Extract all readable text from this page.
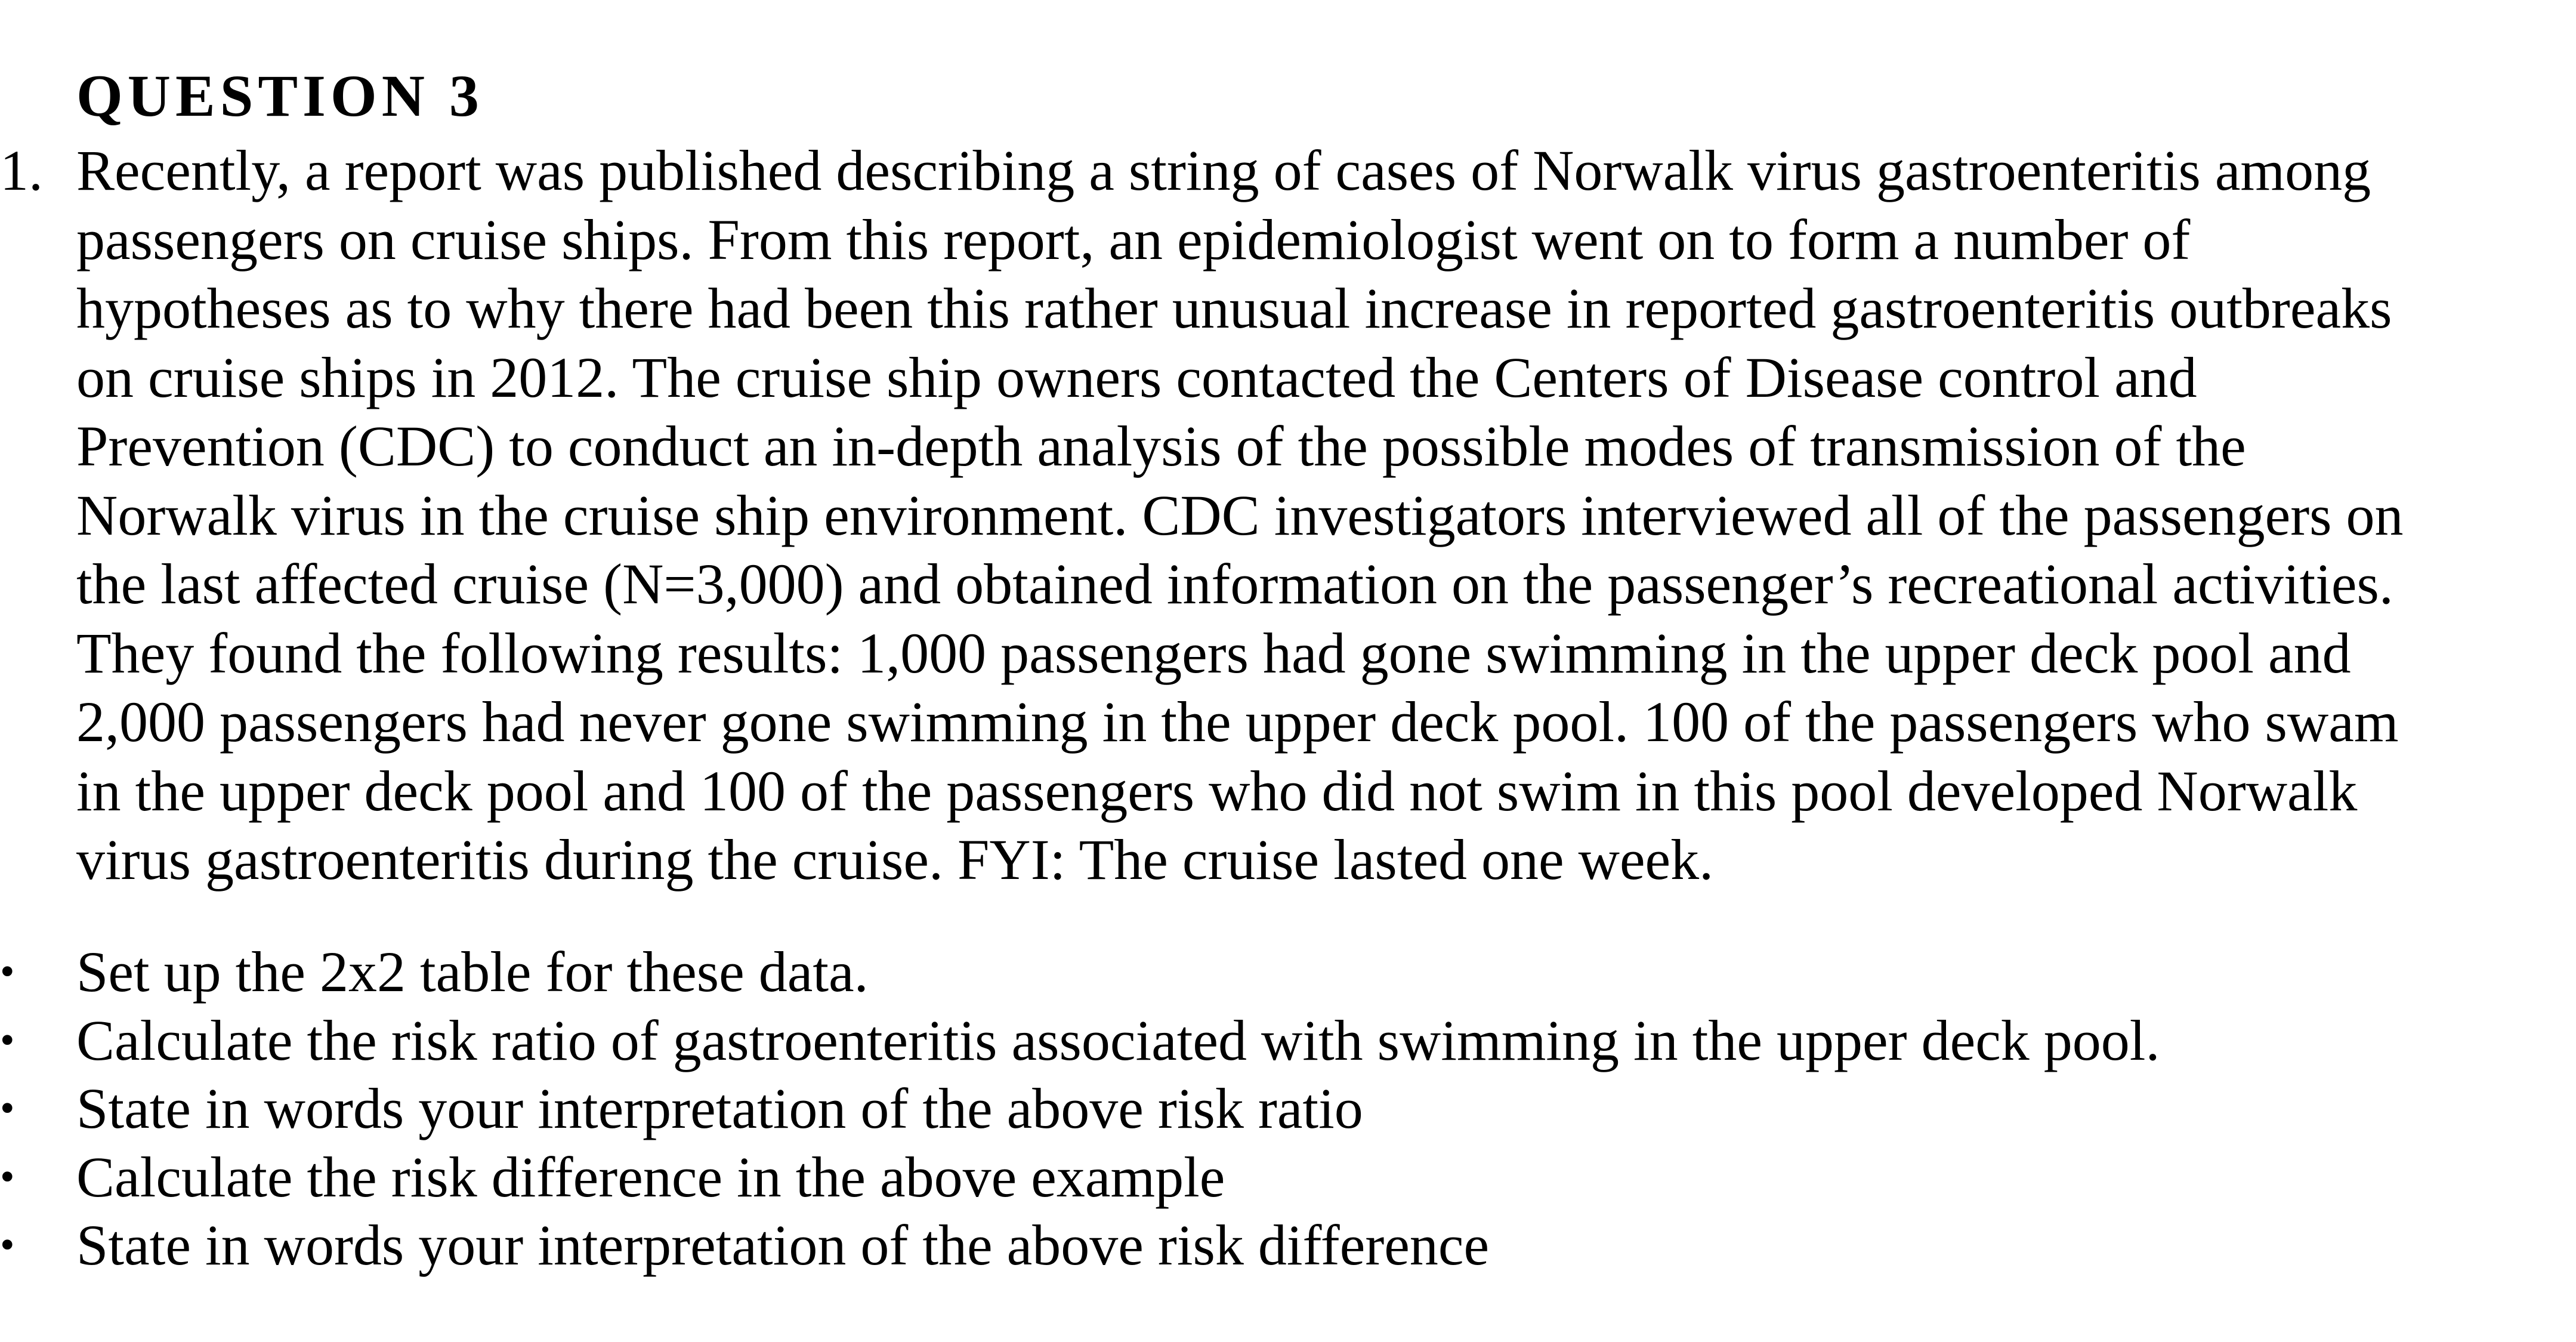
QUESTION 3
1. Recently, a report was published describing a string of cases of Norwalk virus gastroenteritis among
passengers on cruise ships. From this report, an epidemiologist went on to form a number of
hypotheses as to why there had been this rather unusual increase in reported gastroenteritis outbreaks
on cruise ships in 2012. The cruise ship owners contacted the Centers of Disease control and
Prevention (CDC) to conduct an in-depth analysis of the possible modes of transmission of the
Norwalk virus in the cruise ship environment. CDC investigators interviewed all of the passengers on
the last affected cruise (N=3,000) and obtained information on the passenger’s recreational activities.
They found the following results: 1,000 passengers had gone swimming in the upper deck pool and
2,000 passengers had never gone swimming in the upper deck pool. 100 of the passengers who swam
in the upper deck pool and 100 of the passengers who did not swim in this pool developed Norwalk
virus gastroenteritis during the cruise. FYI: The cruise lasted one week.
• Set up the 2x2 table for these data.
• Calculate the risk ratio of gastroenteritis associated with swimming in the upper deck pool.
• State in words your interpretation of the above risk ratio
• Calculate the risk difference in the above example
• State in words your interpretation of the above risk difference
